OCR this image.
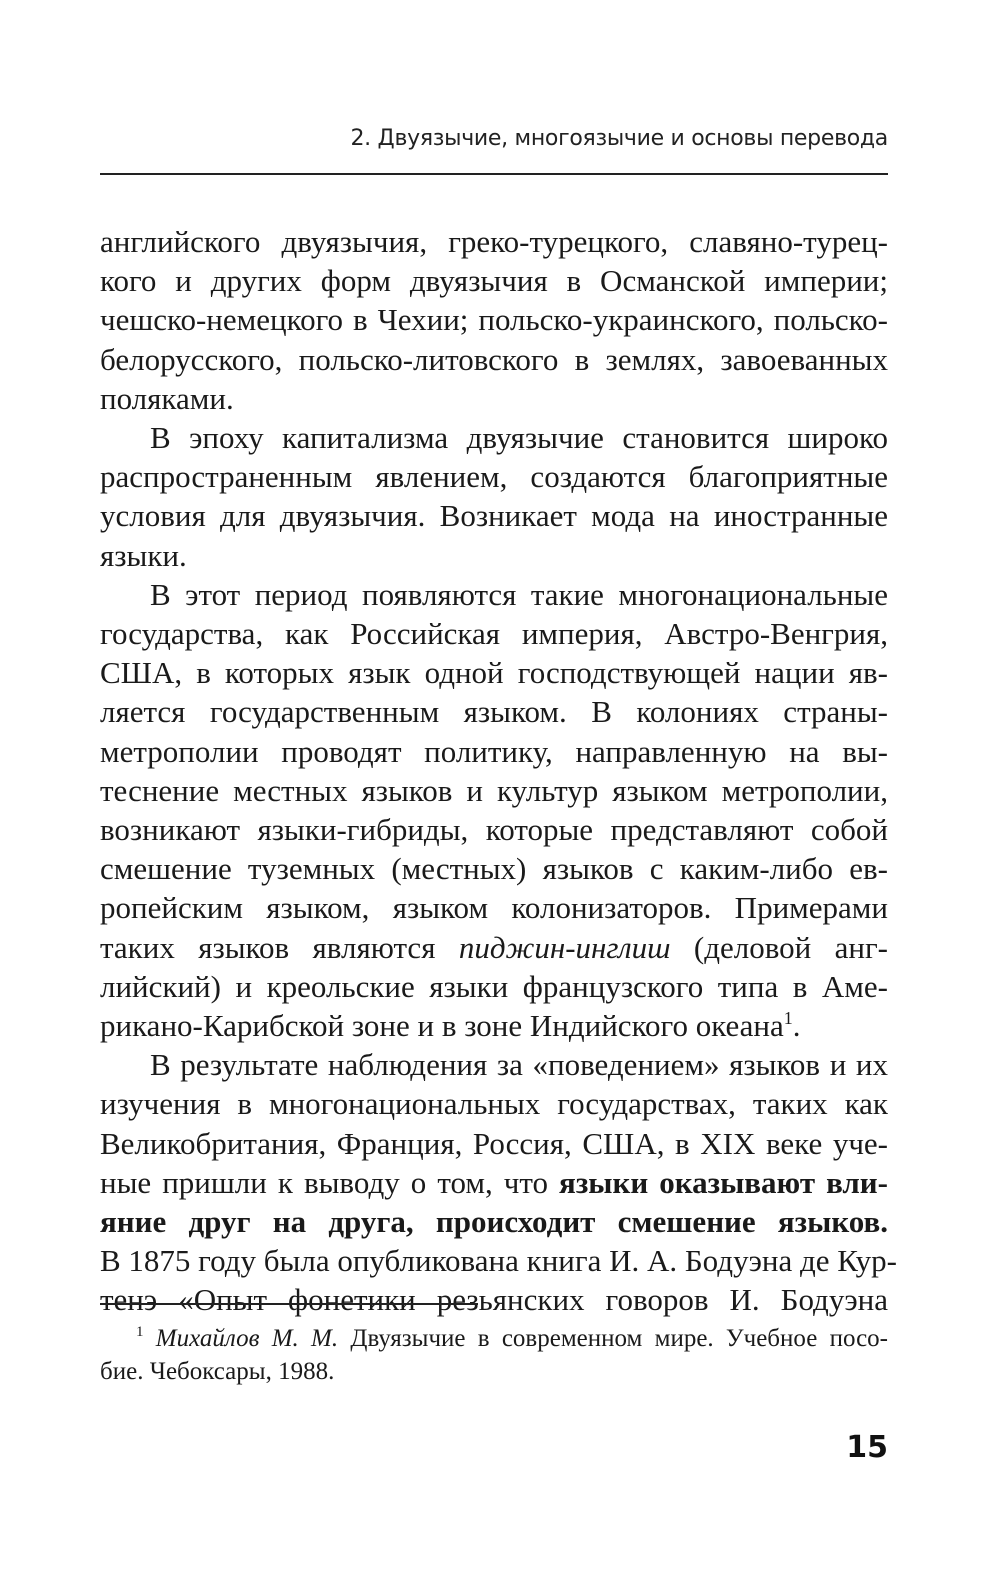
2. Двуязычие, многоязычие и основы перевода

английского двуязычия, греко-турецкого, славяно-турец-
кого и других форм двуязычия в Османской империи;
чешско-немецкого в Чехии; польско-украинского, польско-
белорусского, польско-литовского в землях, завоеванных
поляками.

В эпоху капитализма двуязычие становится широко
распространенным явлением, создаются благоприятные
условия для двуязычия. Возникает мода на иностранные
языки.

В этот период появляются такие многонациональные
государства, как Российская империя, Австро-Венгрия,
США, в которых язык одной господствующей нации яв-
ляется государственным языком. В колониях страны-
метрополии проводят политику, направленную на вы-
теснение местных языков и культур языком метрополии,
возникают языки-гибриды, которые представляют собой
смешение туземных (местных) языков с каким-либо ев-
ропейским языком, языком колонизаторов. Примерами
таких языков являются пиджин-инглиш (деловой анг-
лийский) и креольские языки французского типа в Аме-
рикано-Карибской зоне и в зоне Индийского океана$^1$.

В результате наблюдения за «поведением» языков и их
изучения в многонациональных государствах, таких как
Великобритания, Франция, Россия, США, в XIX веке уче-
ные пришли к выводу о том, что языки оказывают вли-
яние друг на друга, происходит смешение языков.
В 1875 году была опубликована книга И. А. Бодуэна де Кур-
тенэ «Опыт фонетики резьянских говоров И. Бодуэна

$^1$ Михайлов М. М. Двуязычие в современном мире. Учебное посо-
бие. Чебоксары, 1988.
15
